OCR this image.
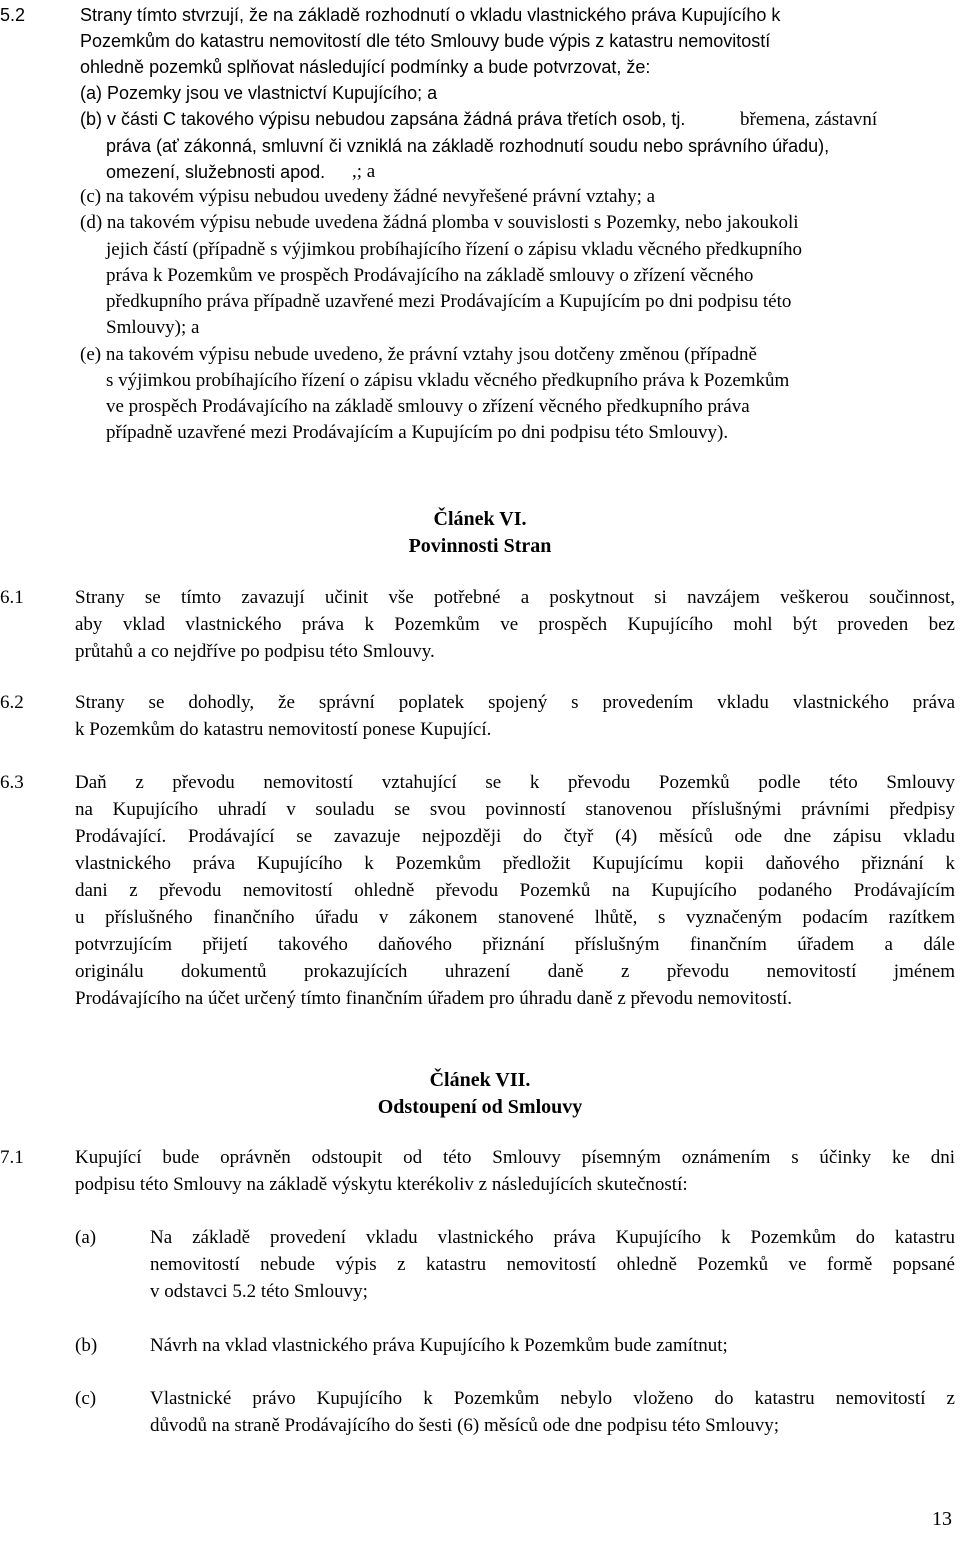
5.2	Strany tímto stvrzují, že na základě rozhodnutí o vkladu vlastnického práva Kupujícího k
Pozemkům do katastru nemovitostí dle této Smlouvy bude výpis z katastru nemovitostí
ohledně pozemků splňovat následující podmínky a bude potvrzovat, že:
(a) Pozemky jsou ve vlastnictví Kupujícího; a
(b) v části C takového výpisu nebudou zapsána žádná práva třetích osob, tj.	břemena, zástavní
práva (ať zákonná, smluvní či vzniklá na základě rozhodnutí soudu nebo správního úřadu),
omezení, služebnosti apod. ,; a
(c) na takovém výpisu nebudou uvedeny žádné nevyřešené právní vztahy; a
(d) na takovém výpisu nebude uvedena žádná plomba v souvislosti s Pozemky, nebo jakoukoli
jejich částí (případně s výjimkou probíhajícího řízení o zápisu vkladu věcného předkupního
práva k Pozemkům ve prospěch Prodávajícího na základě smlouvy o zřízení věcného
předkupního práva případně uzavřené mezi Prodávajícím a Kupujícím po dni podpisu této
Smlouvy); a
(e) na takovém výpisu nebude uvedeno, že právní vztahy jsou dotčeny změnou (případně
s výjimkou probíhajícího řízení o zápisu vkladu věcného předkupního práva k Pozemkům
ve prospěch Prodávajícího na základě smlouvy o zřízení věcného předkupního práva
případně uzavřené mezi Prodávajícím a Kupujícím po dni podpisu této Smlouvy).
Článek VI.
Povinnosti Stran
6.1	Strany se tímto zavazují učinit vše potřebné a poskytnout si navzájem veškerou součinnost,
aby vklad vlastnického práva k Pozemkům ve prospěch Kupujícího mohl být proveden bez
průtahů a co nejdříve po podpisu této Smlouvy.
6.2	Strany se dohodly, že správní poplatek spojený s provedením vkladu vlastnického práva
k Pozemkům do katastru nemovitostí ponese Kupující.
6.3	Daň z převodu nemovitostí vztahující se k převodu Pozemků podle této Smlouvy
na Kupujícího uhradí v souladu se svou povinností stanovenou příslušnými právními předpisy
Prodávající. Prodávající se zavazuje nejpozději do čtyř (4) měsíců ode dne zápisu vkladu
vlastnického práva Kupujícího k Pozemkům předložit Kupujícímu kopii daňového přiznání k
dani z převodu nemovitostí ohledně převodu Pozemků na Kupujícího podaného Prodávajícím
u příslušného finančního úřadu v zákonem stanovené lhůtě, s vyznačeným podacím razítkem
potvrzujícím přijetí takového daňového přiznání příslušným finančním úřadem a dále
originálu dokumentů prokazujících uhrazení daně z převodu nemovitostí jménem
Prodávajícího na účet určený tímto finančním úřadem pro úhradu daně z převodu nemovitostí.
Článek VII.
Odstoupení od Smlouvy
7.1	Kupující bude oprávněn odstoupit od této Smlouvy písemným oznámením s účinky ke dni
podpisu této Smlouvy na základě výskytu kterékoliv z následujících skutečností:
(a)	Na základě provedení vkladu vlastnického práva Kupujícího k Pozemkům do katastru
nemovitostí nebude výpis z katastru nemovitostí ohledně Pozemků ve formě popsané
v odstavci 5.2 této Smlouvy;
(b)	Návrh na vklad vlastnického práva Kupujícího k Pozemkům bude zamítnut;
(c)	Vlastnické právo Kupujícího k Pozemkům nebylo vloženo do katastru nemovitostí z
důvodů na straně Prodávajícího do šesti (6) měsíců ode dne podpisu této Smlouvy;
13
